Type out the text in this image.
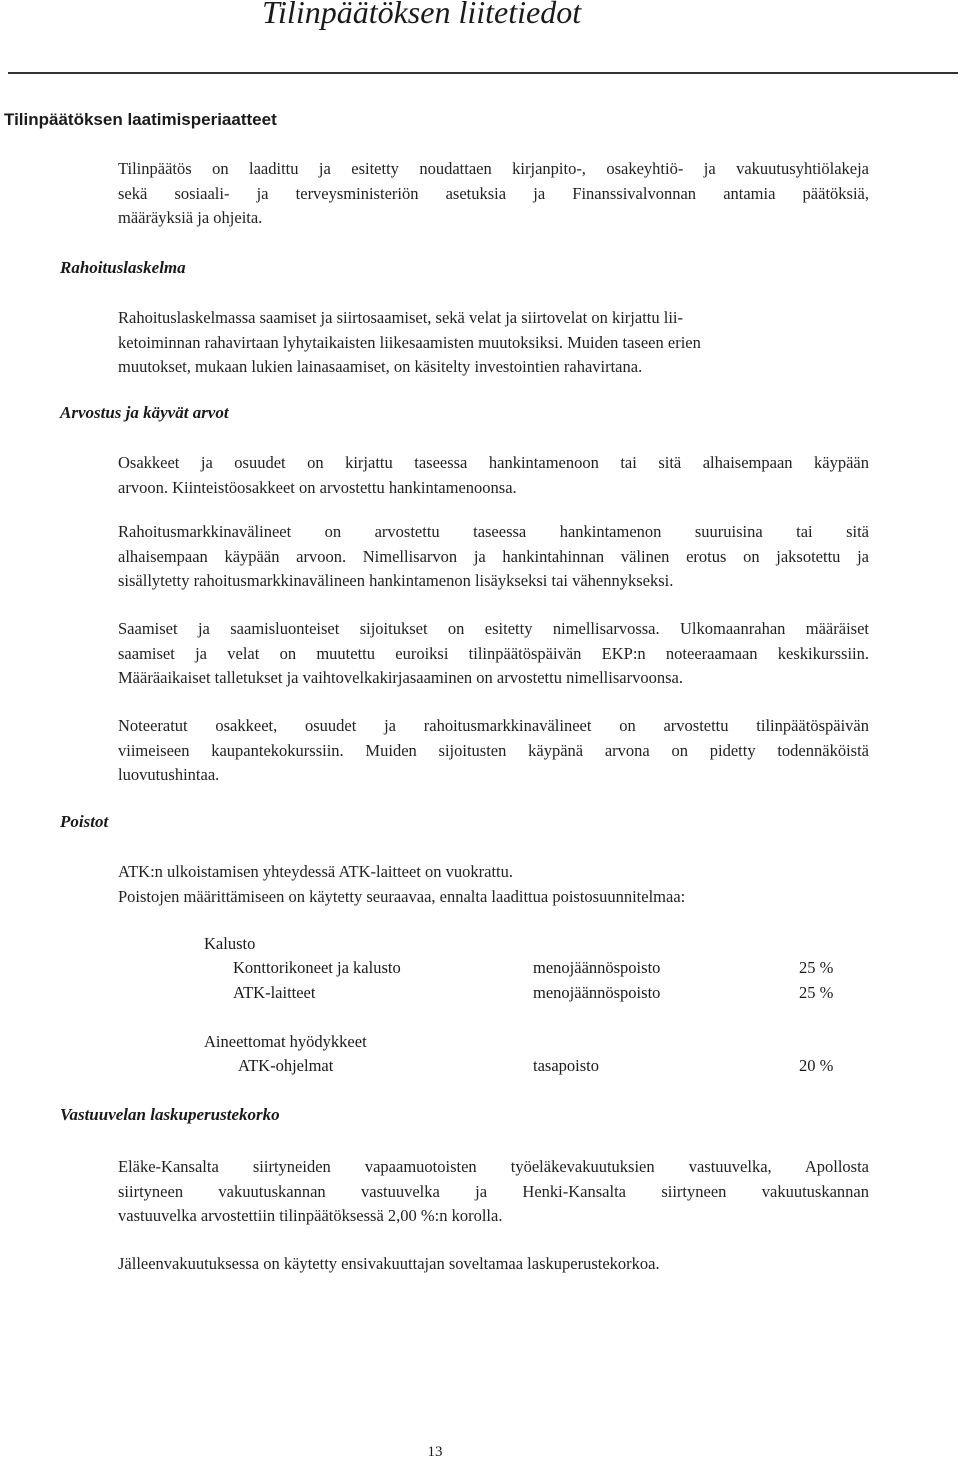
Tilinpäätöksen liitetiedot
Tilinpäätöksen laatimisperiaatteet
Tilinpäätös on laadittu ja esitetty noudattaen kirjanpito-, osakeyhtiö- ja vakuutusyhtiölakeja
sekä sosiaali- ja terveysministeriön asetuksia ja Finanssivalvonnan antamia päätöksiä,
määräyksiä ja ohjeita.
Rahoituslaskelma
Rahoituslaskelmassa saamiset ja siirtosaamiset, sekä velat ja siirtovelat on kirjattu lii-
ketoiminnan rahavirtaan lyhytaikaisten liikesaamisten muutoksiksi. Muiden taseen erien
muutokset, mukaan lukien lainasaamiset, on käsitelty investointien rahavirtana.
Arvostus ja käyvät arvot
Osakkeet ja osuudet on kirjattu taseessa hankintamenoon tai sitä alhaisempaan käypään
arvoon. Kiinteistöosakkeet on arvostettu hankintamenoonsa.
Rahoitusmarkkinavälineet on arvostettu taseessa hankintamenon suuruisina tai sitä
alhaisempaan käypään arvoon. Nimellisarvon ja hankintahinnan välinen erotus on jaksotettu ja
sisällytetty rahoitusmarkkinavälineen hankintamenon lisäykseksi tai vähennykseksi.
Saamiset ja saamisluonteiset sijoitukset on esitetty nimellisarvossa. Ulkomaanrahan määräiset
saamiset ja velat on muutettu euroiksi tilinpäätöspäivän EKP:n noteeraamaan keskikurssiin.
Määräaikaiset talletukset ja vaihtovelkakirjasaaminen on arvostettu nimellisarvoonsa.
Noteeratut osakkeet, osuudet ja rahoitusmarkkinavälineet on arvostettu tilinpäätöspäivän
viimeiseen kaupantekokurssiin. Muiden sijoitusten käypänä arvona on pidetty todennäköistä
luovutushintaa.
Poistot
ATK:n ulkoistamisen yhteydessä ATK-laitteet on vuokrattu.
Poistojen määrittämiseen on käytetty seuraavaa, ennalta laadittua poistosuunnitelmaa:
Kalusto
Konttorikoneet ja kalusto	menojäännöspoisto	25 %
ATK-laitteet	menojäännöspoisto	25 %
Aineettomat hyödykkeet
ATK-ohjelmat	tasapoisto	20 %
Vastuuvelan laskuperustekorko
Eläke-Kansalta siirtyneiden vapaamuotoisten työeläkevakuutuksien vastuuvelka, Apollosta
siirtyneen vakuutuskannan vastuuvelka ja Henki-Kansalta siirtyneen vakuutuskannan
vastuuvelka arvostettiin tilinpäätöksessä 2,00 %:n korolla.
Jälleenvakuutuksessa on käytetty ensivakuuttajan soveltamaa laskuperustekorkoa.
13
